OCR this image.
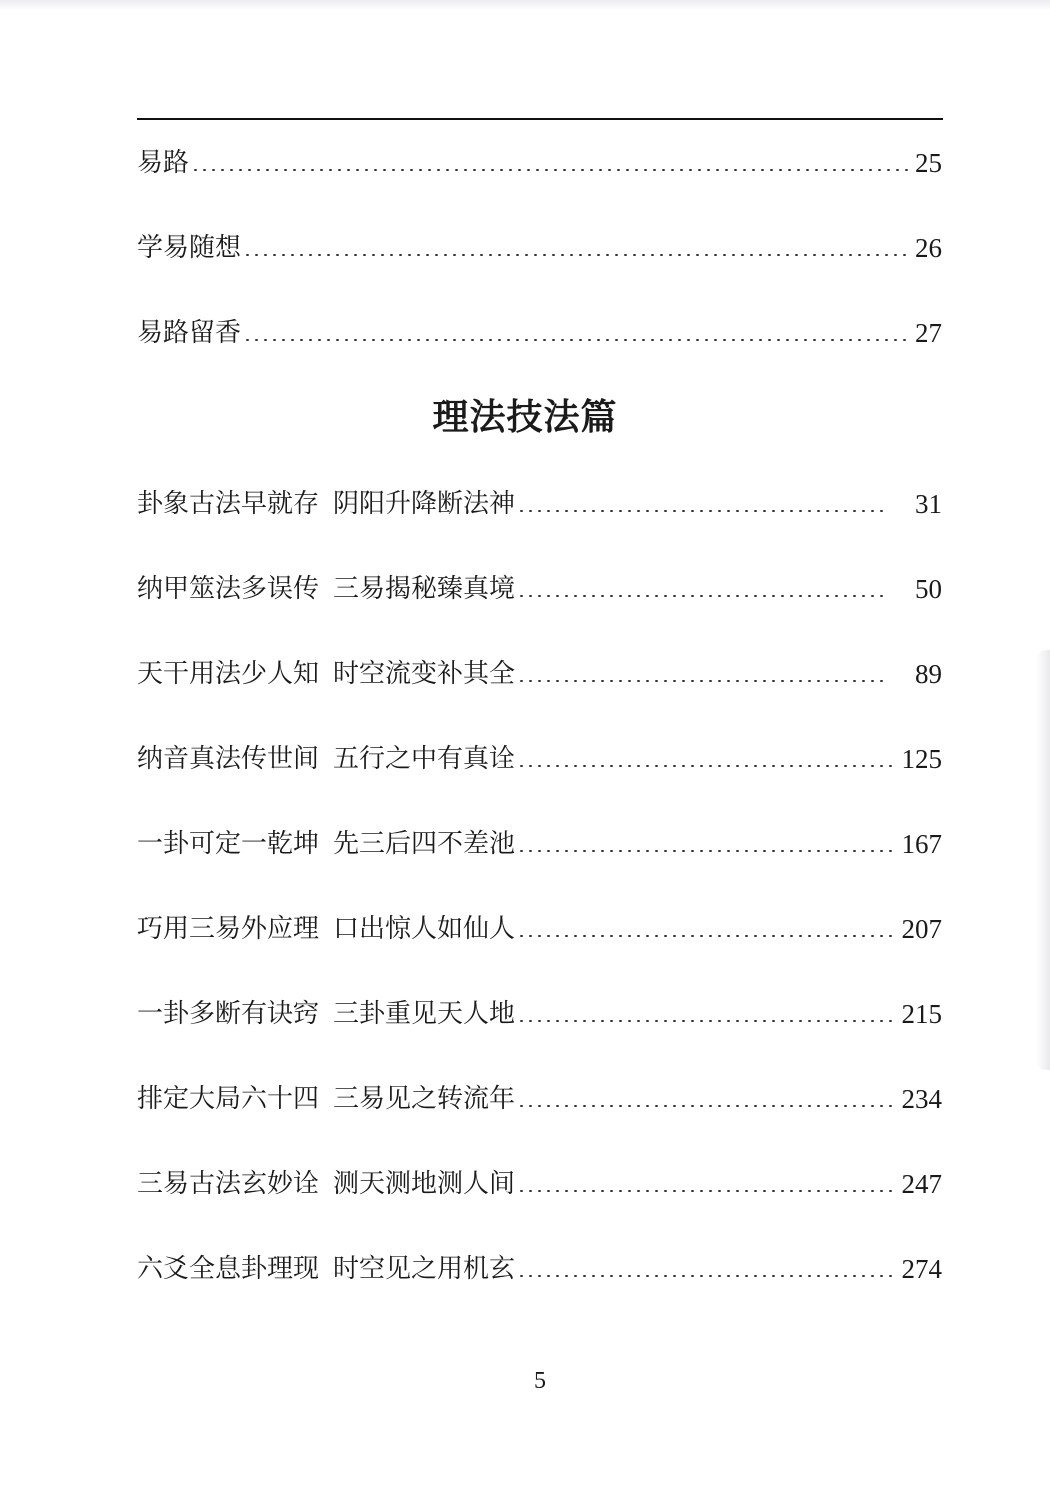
易路	25
学易随想	26
易路留香	27
理法技法篇
卦象古法早就存 阴阳升降断法神	31
纳甲筮法多误传 三易揭秘臻真境	50
天干用法少人知 时空流变补其全	89
纳音真法传世间 五行之中有真诠	125
一卦可定一乾坤 先三后四不差池	167
巧用三易外应理 口出惊人如仙人	207
一卦多断有诀窍 三卦重见天人地	215
排定大局六十四 三易见之转流年	234
三易古法玄妙诠 测天测地测人间	247
六爻全息卦理现 时空见之用机玄	274
5
